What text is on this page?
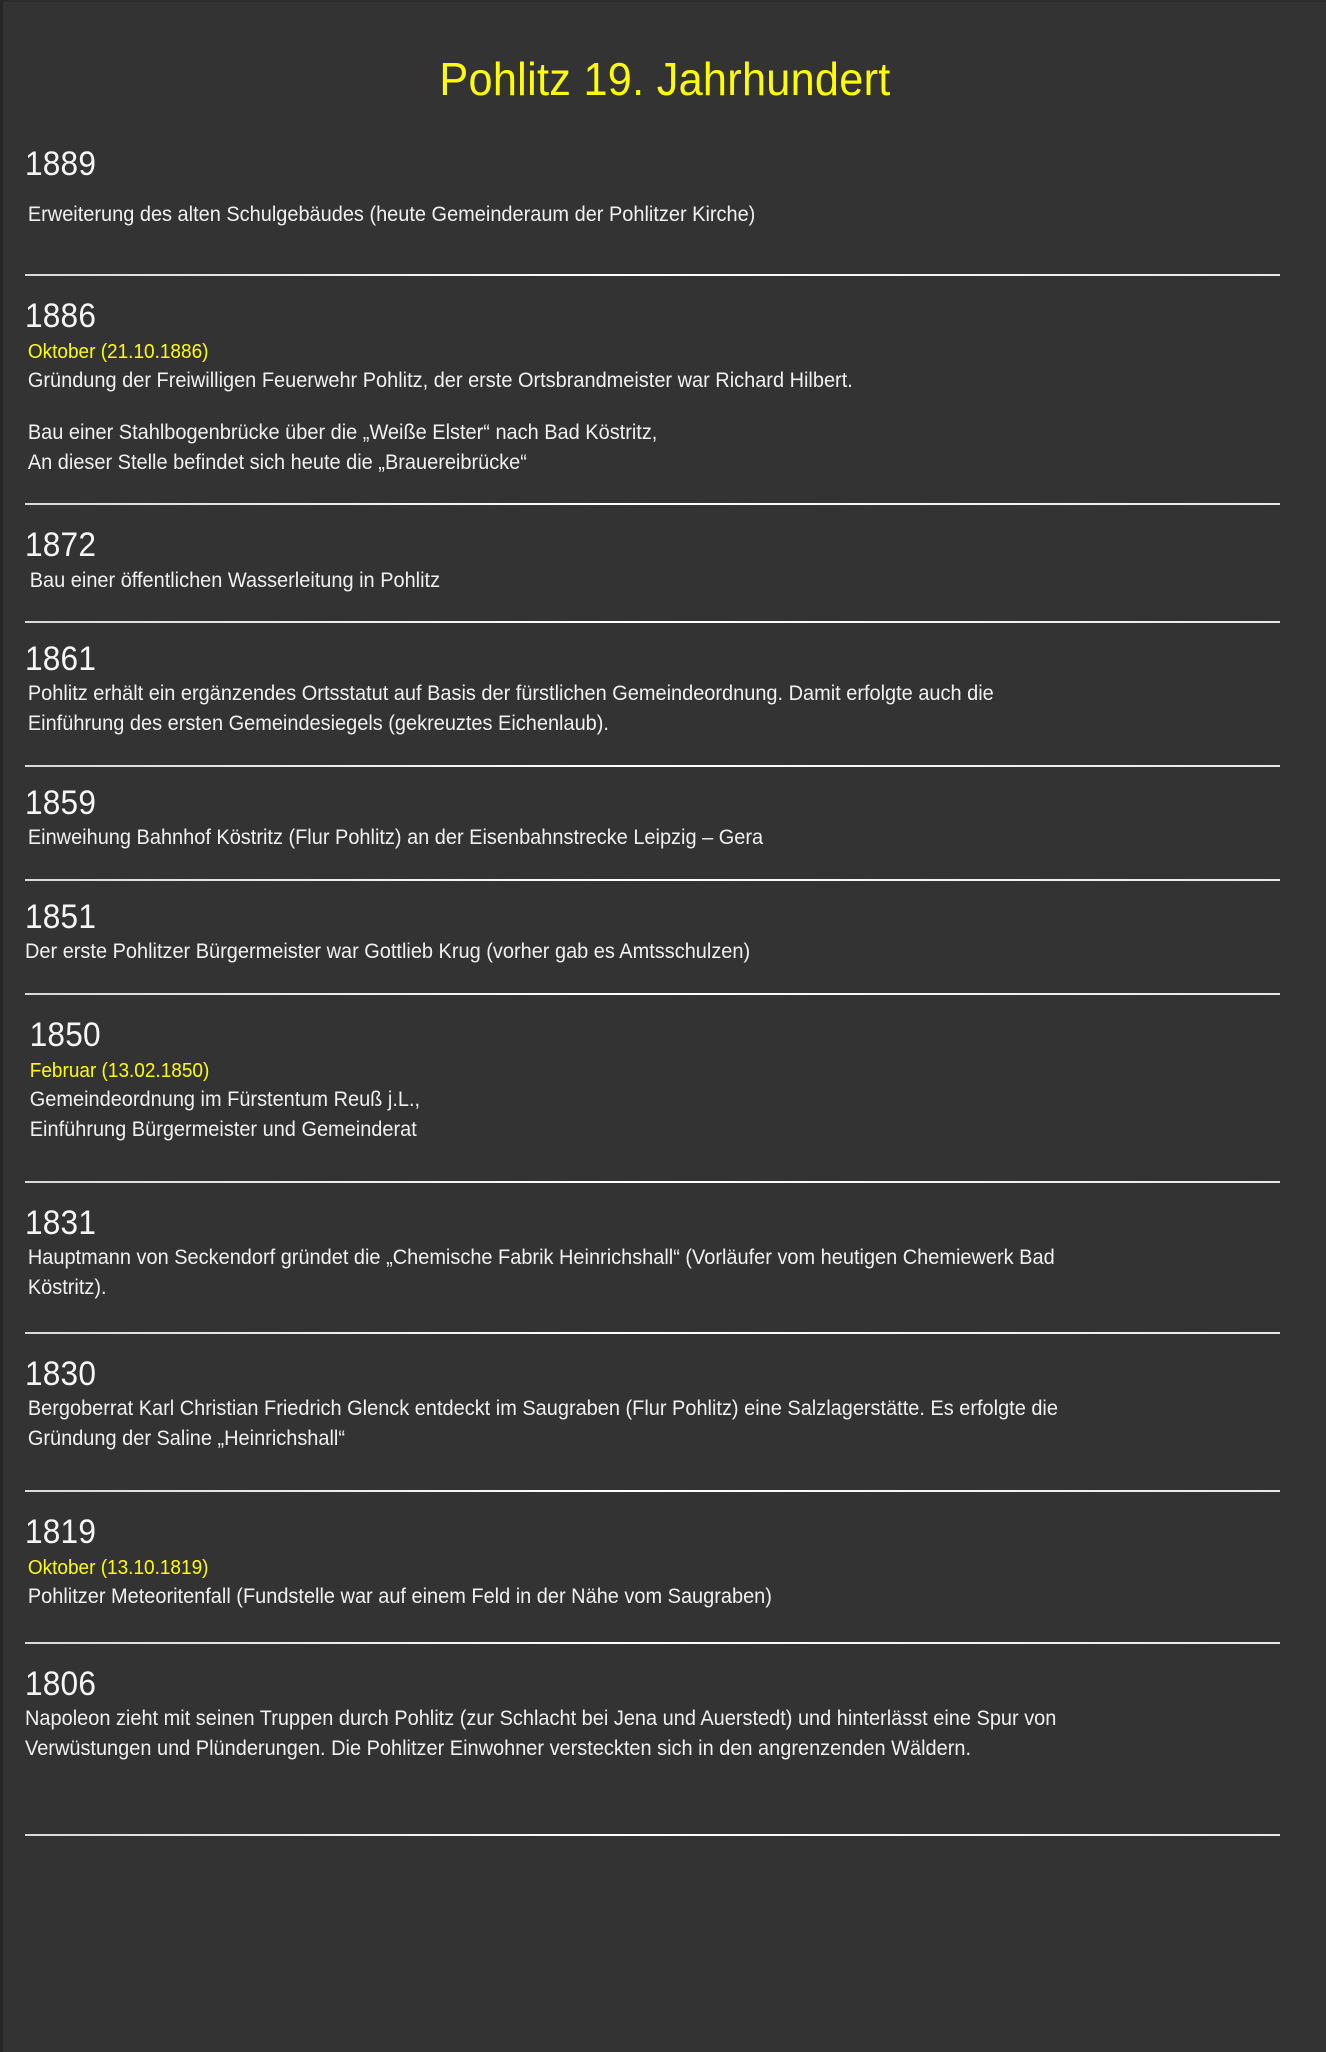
Pohlitz 19. Jahrhundert
1889
Erweiterung des alten Schulgebäudes (heute Gemeinderaum der Pohlitzer Kirche)
1886
Oktober (21.10.1886)
Gründung der Freiwilligen Feuerwehr Pohlitz, der erste Ortsbrandmeister war Richard Hilbert.
Bau einer Stahlbogenbrücke über die „Weiße Elster“ nach Bad Köstritz,
An dieser Stelle befindet sich heute die „Brauereibrücke“
1872
Bau einer öffentlichen Wasserleitung in Pohlitz
1861
Pohlitz erhält ein ergänzendes Ortsstatut auf Basis der fürstlichen Gemeindeordnung. Damit erfolgte auch die
Einführung des ersten Gemeindesiegels (gekreuztes Eichenlaub).
1859
Einweihung Bahnhof Köstritz (Flur Pohlitz) an der Eisenbahnstrecke Leipzig – Gera
1851
Der erste Pohlitzer Bürgermeister war Gottlieb Krug (vorher gab es Amtsschulzen)
1850
Februar (13.02.1850)
Gemeindeordnung im Fürstentum Reuß j.L.,
Einführung Bürgermeister und Gemeinderat
1831
Hauptmann von Seckendorf gründet die „Chemische Fabrik Heinrichshall“ (Vorläufer vom heutigen Chemiewerk Bad
Köstritz).
1830
Bergoberrat Karl Christian Friedrich Glenck entdeckt im Saugraben (Flur Pohlitz) eine Salzlagerstätte. Es erfolgte die
Gründung der Saline „Heinrichshall“
1819
Oktober (13.10.1819)
Pohlitzer Meteoritenfall (Fundstelle war auf einem Feld in der Nähe vom Saugraben)
1806
Napoleon zieht mit seinen Truppen durch Pohlitz (zur Schlacht bei Jena und Auerstedt) und hinterlässt eine Spur von
Verwüstungen und Plünderungen. Die Pohlitzer Einwohner versteckten sich in den angrenzenden Wäldern.
